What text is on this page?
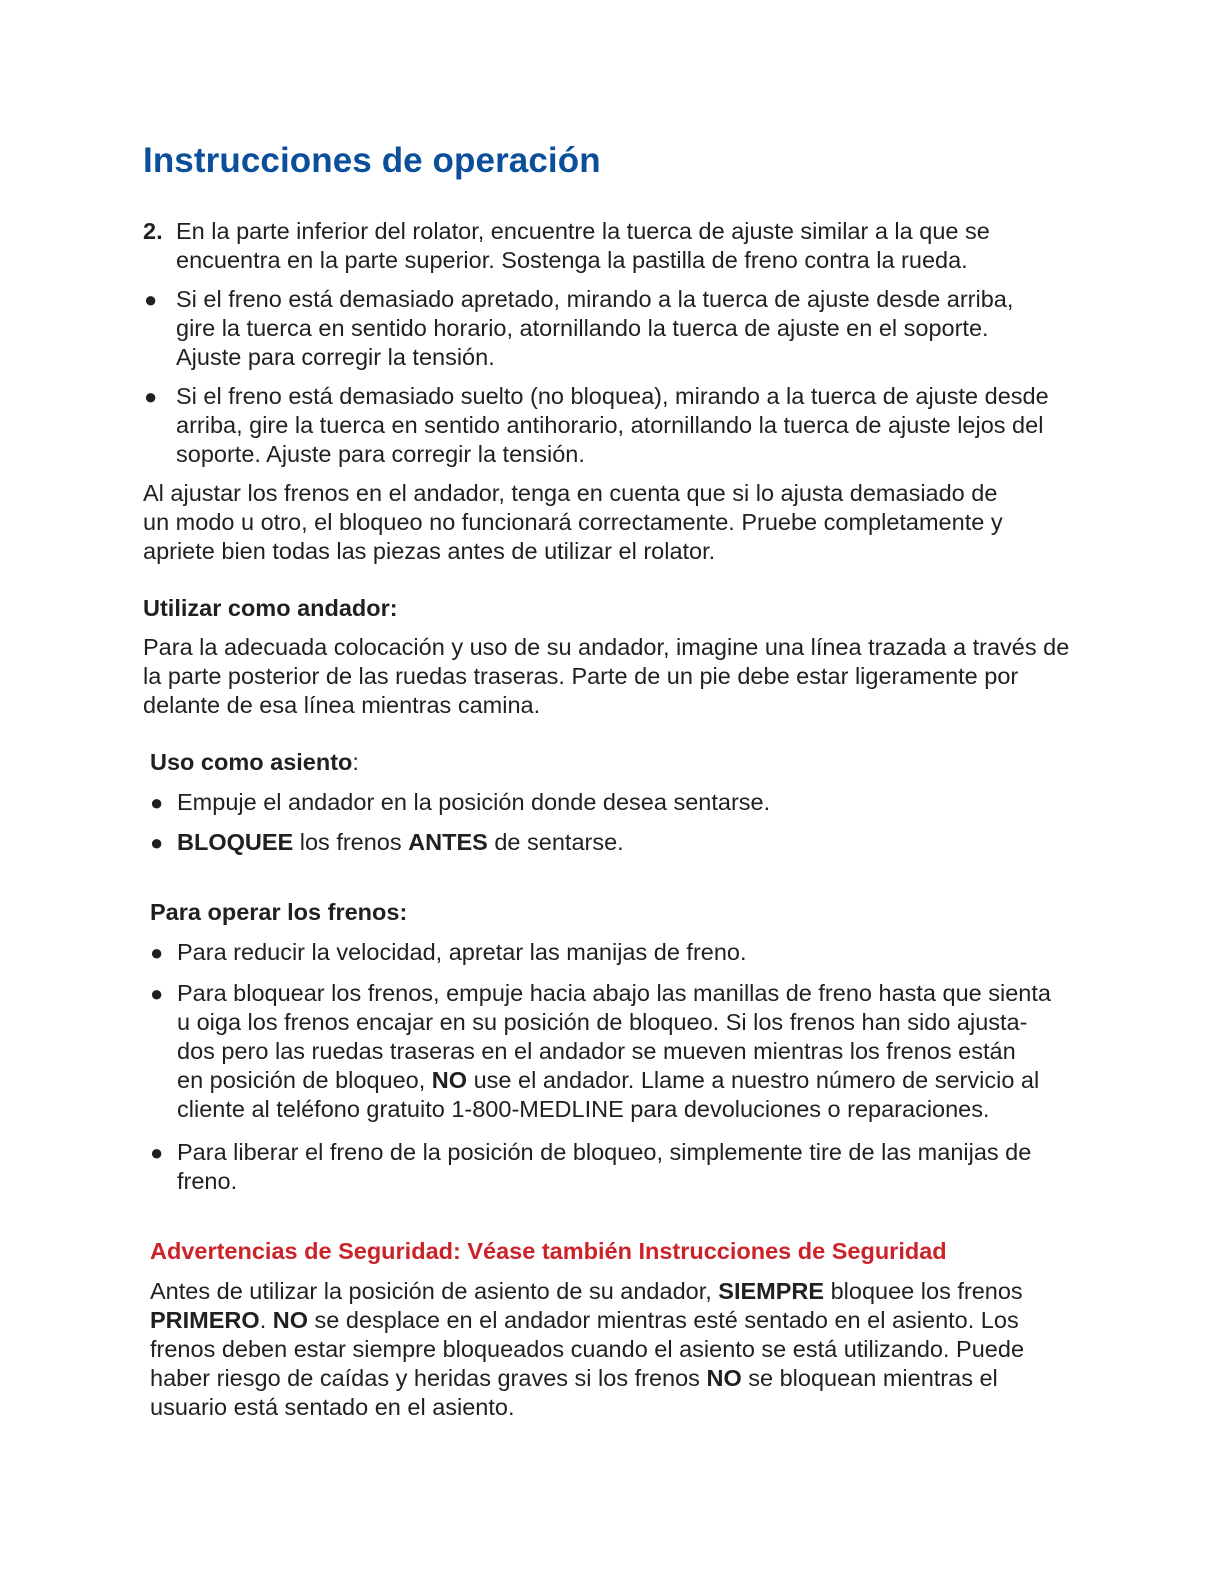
Instrucciones de operación
2. En la parte inferior del rolator, encuentre la tuerca de ajuste similar a la que se
encuentra en la parte superior. Sostenga la pastilla de freno contra la rueda.
● Si el freno está demasiado apretado, mirando a la tuerca de ajuste desde arriba,
gire la tuerca en sentido horario, atornillando la tuerca de ajuste en el soporte.
Ajuste para corregir la tensión.
● Si el freno está demasiado suelto (no bloquea), mirando a la tuerca de ajuste desde
arriba, gire la tuerca en sentido antihorario, atornillando la tuerca de ajuste lejos del
soporte. Ajuste para corregir la tensión.
Al ajustar los frenos en el andador, tenga en cuenta que si lo ajusta demasiado de
un modo u otro, el bloqueo no funcionará correctamente. Pruebe completamente y
apriete bien todas las piezas antes de utilizar el rolator.
Utilizar como andador:
Para la adecuada colocación y uso de su andador, imagine una línea trazada a través de
la parte posterior de las ruedas traseras. Parte de un pie debe estar ligeramente por
delante de esa línea mientras camina.
Uso como asiento:
● Empuje el andador en la posición donde desea sentarse.
● BLOQUEE los frenos ANTES de sentarse.
Para operar los frenos:
● Para reducir la velocidad, apretar las manijas de freno.
● Para bloquear los frenos, empuje hacia abajo las manillas de freno hasta que sienta
u oiga los frenos encajar en su posición de bloqueo. Si los frenos han sido ajusta-
dos pero las ruedas traseras en el andador se mueven mientras los frenos están
en posición de bloqueo, NO use el andador. Llame a nuestro número de servicio al
cliente al teléfono gratuito 1-800-MEDLINE para devoluciones o reparaciones.
● Para liberar el freno de la posición de bloqueo, simplemente tire de las manijas de
freno.
Advertencias de Seguridad: Véase también Instrucciones de Seguridad
Antes de utilizar la posición de asiento de su andador, SIEMPRE bloquee los frenos
PRIMERO. NO se desplace en el andador mientras esté sentado en el asiento. Los
frenos deben estar siempre bloqueados cuando el asiento se está utilizando. Puede
haber riesgo de caídas y heridas graves si los frenos NO se bloquean mientras el
usuario está sentado en el asiento.
